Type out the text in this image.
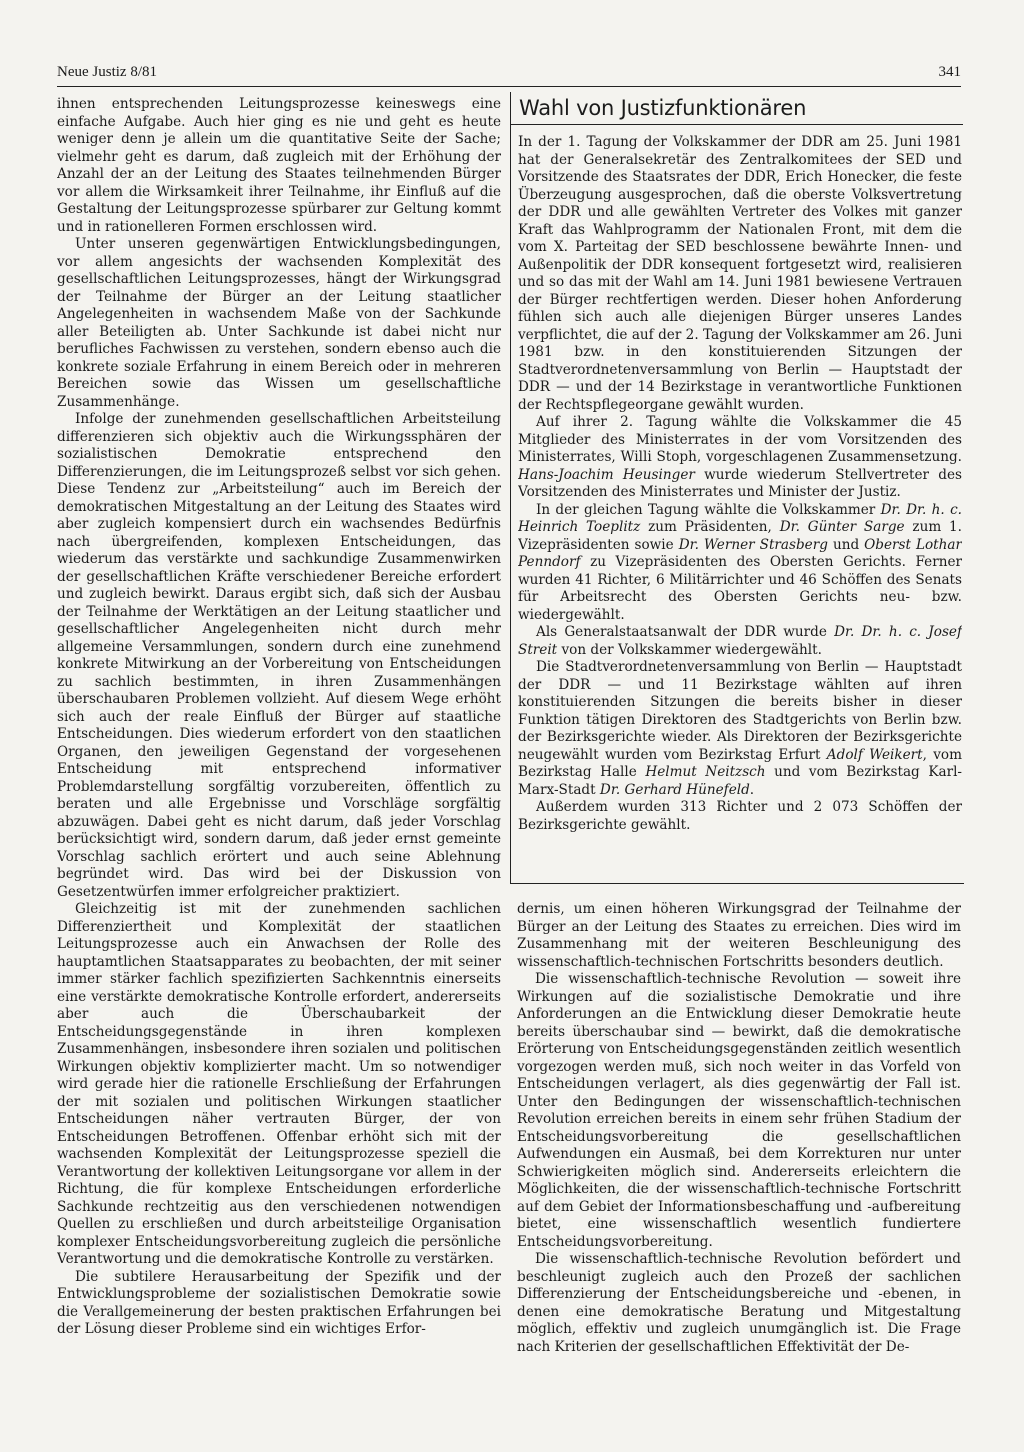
Neue Justiz 8/81	341

ihnen entsprechenden Leitungsprozesse keineswegs eine einfache Aufgabe. Auch hier ging es nie und geht es heute weniger denn je allein um die quantitative Seite der Sache; vielmehr geht es darum, daß zugleich mit der Erhöhung der Anzahl der an der Leitung des Staates teilnehmenden Bürger vor allem die Wirksamkeit ihrer Teilnahme, ihr Einfluß auf die Gestaltung der Leitungsprozesse spürbarer zur Geltung kommt und in rationelleren Formen erschlossen wird.

Unter unseren gegenwärtigen Entwicklungsbedingungen, vor allem angesichts der wachsenden Komplexität des gesellschaftlichen Leitungsprozesses, hängt der Wirkungsgrad der Teilnahme der Bürger an der Leitung staatlicher Angelegenheiten in wachsendem Maße von der Sachkunde aller Beteiligten ab. Unter Sachkunde ist dabei nicht nur berufliches Fachwissen zu verstehen, sondern ebenso auch die konkrete soziale Erfahrung in einem Bereich oder in mehreren Bereichen sowie das Wissen um gesellschaftliche Zusammenhänge.

Infolge der zunehmenden gesellschaftlichen Arbeitsteilung differenzieren sich objektiv auch die Wirkungssphären der sozialistischen Demokratie entsprechend den Differenzierungen, die im Leitungsprozeß selbst vor sich gehen. Diese Tendenz zur „Arbeitsteilung“ auch im Bereich der demokratischen Mitgestaltung an der Leitung des Staates wird aber zugleich kompensiert durch ein wachsendes Bedürfnis nach übergreifenden, komplexen Entscheidungen, das wiederum das verstärkte und sachkundige Zusammenwirken der gesellschaftlichen Kräfte verschiedener Bereiche erfordert und zugleich bewirkt. Daraus ergibt sich, daß sich der Ausbau der Teilnahme der Werktätigen an der Leitung staatlicher und gesellschaftlicher Angelegenheiten nicht durch mehr allgemeine Versammlungen, sondern durch eine zunehmend konkrete Mitwirkung an der Vorbereitung von Entscheidungen zu sachlich bestimmten, in ihren Zusammenhängen überschaubaren Problemen vollzieht. Auf diesem Wege erhöht sich auch der reale Einfluß der Bürger auf staatliche Entscheidungen. Dies wiederum erfordert von den staatlichen Organen, den jeweiligen Gegenstand der vorgesehenen Entscheidung mit entsprechend informativer Problemdarstellung sorgfältig vorzubereiten, öffentlich zu beraten und alle Ergebnisse und Vorschläge sorgfältig abzuwägen. Dabei geht es nicht darum, daß jeder Vorschlag berücksichtigt wird, sondern darum, daß jeder ernst gemeinte Vorschlag sachlich erörtert und auch seine Ablehnung begründet wird. Das wird bei der Diskussion von Gesetzentwürfen immer erfolgreicher praktiziert.

Gleichzeitig ist mit der zunehmenden sachlichen Differenziertheit und Komplexität der staatlichen Leitungsprozesse auch ein Anwachsen der Rolle des hauptamtlichen Staatsapparates zu beobachten, der mit seiner immer stärker fachlich spezifizierten Sachkenntnis einerseits eine verstärkte demokratische Kontrolle erfordert, andererseits aber auch die Überschaubarkeit der Entscheidungsgegenstände in ihren komplexen Zusammenhängen, insbesondere ihren sozialen und politischen Wirkungen objektiv komplizierter macht. Um so notwendiger wird gerade hier die rationelle Erschließung der Erfahrungen der mit sozialen und politischen Wirkungen staatlicher Entscheidungen näher vertrauten Bürger, der von Entscheidungen Betroffenen. Offenbar erhöht sich mit der wachsenden Komplexität der Leitungsprozesse speziell die Verantwortung der kollektiven Leitungsorgane vor allem in der Richtung, die für komplexe Entscheidungen erforderliche Sachkunde rechtzeitig aus den verschiedenen notwendigen Quellen zu erschließen und durch arbeitsteilige Organisation komplexer Entscheidungsvorbereitung zugleich die persönliche Verantwortung und die demokratische Kontrolle zu verstärken.

Die subtilere Herausarbeitung der Spezifik und der Entwicklungsprobleme der sozialistischen Demokratie sowie die Verallgemeinerung der besten praktischen Erfahrungen bei der Lösung dieser Probleme sind ein wichtiges Erfor-

Wahl von Justizfunktionären

In der 1. Tagung der Volkskammer der DDR am 25. Juni 1981 hat der Generalsekretär des Zentralkomitees der SED und Vorsitzende des Staatsrates der DDR, Erich Honecker, die feste Überzeugung ausgesprochen, daß die oberste Volksvertretung der DDR und alle gewählten Vertreter des Volkes mit ganzer Kraft das Wahlprogramm der Nationalen Front, mit dem die vom X. Parteitag der SED beschlossene bewährte Innen- und Außenpolitik der DDR konsequent fortgesetzt wird, realisieren und so das mit der Wahl am 14. Juni 1981 bewiesene Vertrauen der Bürger rechtfertigen werden. Dieser hohen Anforderung fühlen sich auch alle diejenigen Bürger unseres Landes verpflichtet, die auf der 2. Tagung der Volkskammer am 26. Juni 1981 bzw. in den konstituierenden Sitzungen der Stadtverordnetenversammlung von Berlin — Hauptstadt der DDR — und der 14 Bezirkstage in verantwortliche Funktionen der Rechtspflegeorgane gewählt wurden.

Auf ihrer 2. Tagung wählte die Volkskammer die 45 Mitglieder des Ministerrates in der vom Vorsitzenden des Ministerrates, Willi Stoph, vorgeschlagenen Zusammensetzung. Hans-Joachim Heusinger wurde wiederum Stellvertreter des Vorsitzenden des Ministerrates und Minister der Justiz.

In der gleichen Tagung wählte die Volkskammer Dr. Dr. h. c. Heinrich Toeplitz zum Präsidenten, Dr. Günter Sarge zum 1. Vizepräsidenten sowie Dr. Werner Strasberg und Oberst Lothar Penndorf zu Vizepräsidenten des Obersten Gerichts. Ferner wurden 41 Richter, 6 Militärrichter und 46 Schöffen des Senats für Arbeitsrecht des Obersten Gerichts neu- bzw. wiedergewählt.

Als Generalstaatsanwalt der DDR wurde Dr. Dr. h. c. Josef Streit von der Volkskammer wiedergewählt.

Die Stadtverordnetenversammlung von Berlin — Hauptstadt der DDR — und 11 Bezirkstage wählten auf ihren konstituierenden Sitzungen die bereits bisher in dieser Funktion tätigen Direktoren des Stadtgerichts von Berlin bzw. der Bezirksgerichte wieder. Als Direktoren der Bezirksgerichte neugewählt wurden vom Bezirkstag Erfurt Adolf Weikert, vom Bezirkstag Halle Helmut Neitzsch und vom Bezirkstag Karl-Marx-Stadt Dr. Gerhard Hünefeld.

Außerdem wurden 313 Richter und 2 073 Schöffen der Bezirksgerichte gewählt.

dernis, um einen höheren Wirkungsgrad der Teilnahme der Bürger an der Leitung des Staates zu erreichen. Dies wird im Zusammenhang mit der weiteren Beschleunigung des wissenschaftlich-technischen Fortschritts besonders deutlich.

Die wissenschaftlich-technische Revolution — soweit ihre Wirkungen auf die sozialistische Demokratie und ihre Anforderungen an die Entwicklung dieser Demokratie heute bereits überschaubar sind — bewirkt, daß die demokratische Erörterung von Entscheidungsgegenständen zeitlich wesentlich vorgezogen werden muß, sich noch weiter in das Vorfeld von Entscheidungen verlagert, als dies gegenwärtig der Fall ist. Unter den Bedingungen der wissenschaftlich-technischen Revolution erreichen bereits in einem sehr frühen Stadium der Entscheidungsvorbereitung die gesellschaftlichen Aufwendungen ein Ausmaß, bei dem Korrekturen nur unter Schwierigkeiten möglich sind. Andererseits erleichtern die Möglichkeiten, die der wissenschaftlich-technische Fortschritt auf dem Gebiet der Informationsbeschaffung und -aufbereitung bietet, eine wissenschaftlich wesentlich fundiertere Entscheidungsvorbereitung.

Die wissenschaftlich-technische Revolution befördert und beschleunigt zugleich auch den Prozeß der sachlichen Differenzierung der Entscheidungsbereiche und -ebenen, in denen eine demokratische Beratung und Mitgestaltung möglich, effektiv und zugleich unumgänglich ist. Die Frage nach Kriterien der gesellschaftlichen Effektivität der De-
